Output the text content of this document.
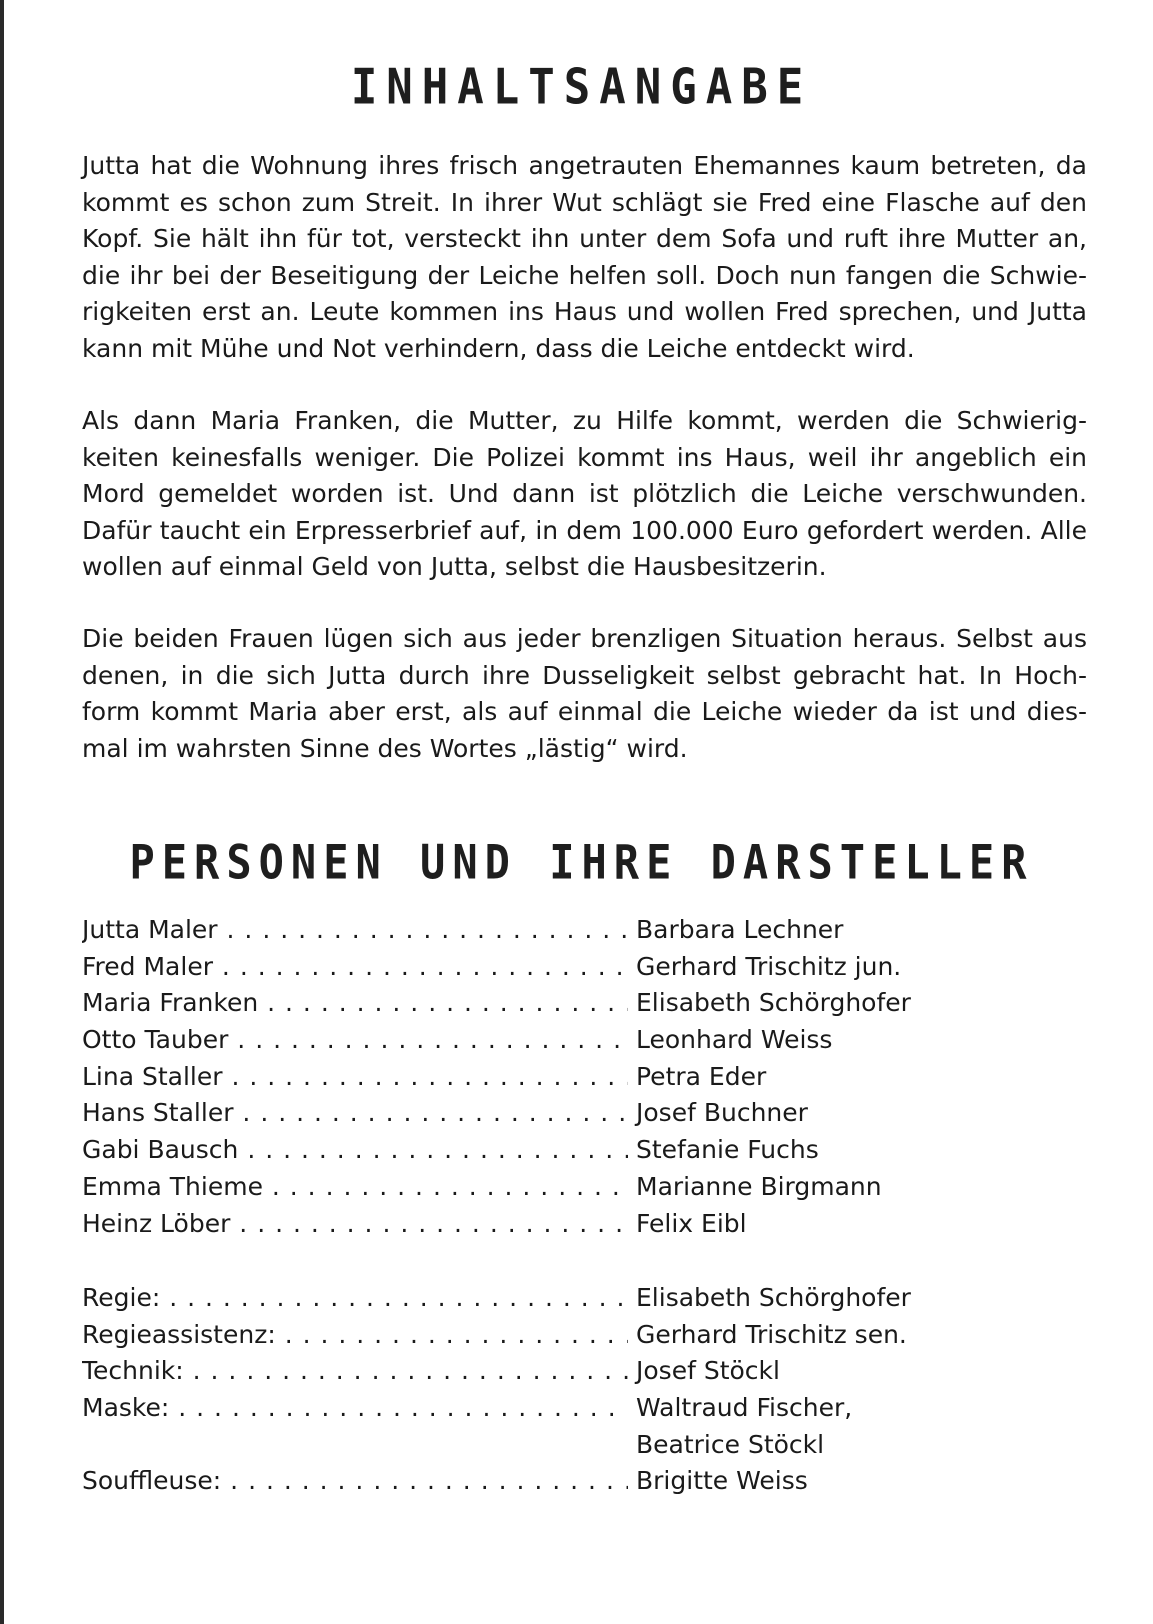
INHALTSANGABE

Jutta hat die Wohnung ihres frisch angetrauten Ehemannes kaum betreten, da kommt es schon zum Streit. In ihrer Wut schlägt sie Fred eine Flasche auf den Kopf. Sie hält ihn für tot, versteckt ihn unter dem Sofa und ruft ihre Mutter an, die ihr bei der Beseitigung der Leiche helfen soll. Doch nun fangen die Schwie-rigkeiten erst an. Leute kommen ins Haus und wollen Fred sprechen, und Jutta kann mit Mühe und Not verhindern, dass die Leiche entdeckt wird.

Als dann Maria Franken, die Mutter, zu Hilfe kommt, werden die Schwierig-keiten keinesfalls weniger. Die Polizei kommt ins Haus, weil ihr angeblich ein Mord gemeldet worden ist. Und dann ist plötzlich die Leiche verschwunden. Dafür taucht ein Erpresserbrief auf, in dem 100.000 Euro gefordert werden. Alle wollen auf einmal Geld von Jutta, selbst die Hausbesitzerin.

Die beiden Frauen lügen sich aus jeder brenzligen Situation heraus. Selbst aus denen, in die sich Jutta durch ihre Dusseligkeit selbst gebracht hat. In Hoch-form kommt Maria aber erst, als auf einmal die Leiche wieder da ist und dies-mal im wahrsten Sinne des Wortes „lästig“ wird.

PERSONEN UND IHRE DARSTELLER
Jutta Maler . . .	Barbara Lechner
Fred Maler . . .	Gerhard Trischitz jun.
Maria Franken . . .	Elisabeth Schörghofer
Otto Tauber . . .	Leonhard Weiss
Lina Staller . . .	Petra Eder
Hans Staller . . .	Josef Buchner
Gabi Bausch . . .	Stefanie Fuchs
Emma Thieme . . .	Marianne Birgmann
Heinz Löber . . .	Felix Eibl
Regie: . . .	Elisabeth Schörghofer
Regieassistenz: . . .	Gerhard Trischitz sen.
Technik: . . .	Josef Stöckl
Maske: . . .	Waltraud Fischer,
Beatrice Stöckl
Souffleuse: . . .	Brigitte Weiss
